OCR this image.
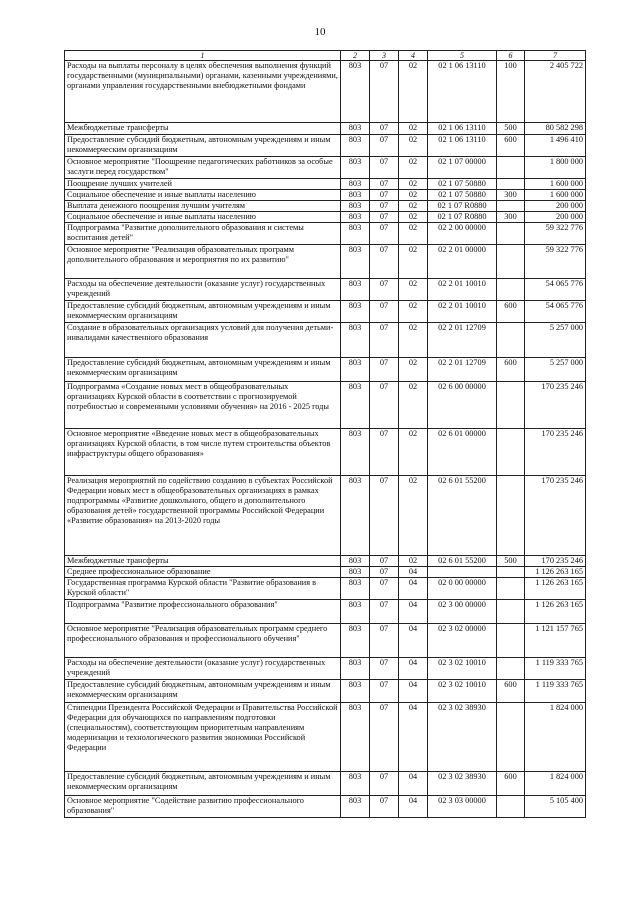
10
1	2	3	4	5	6	7
Расходы на выплаты персоналу в целях обеспечения выполнения функций государственными (муниципальными) органами, казенными учреждениями, органами управления государственными внебюджетными фондами	803	07	02	02 1 06 13110	100	2 405 722
Межбюджетные трансферты	803	07	02	02 1 06 13110	500	80 582 298
Предоставление субсидий бюджетным, автономным учреждениям и иным некоммерческим организациям	803	07	02	02 1 06 13110	600	1 496 410
Основное мероприятие "Поощрение педагогических работников за особые заслуги перед государством"	803	07	02	02 1 07 00000		1 800 000
Поощрение лучших учителей	803	07	02	02 1 07 50880		1 600 000
Социальное обеспечение и иные выплаты населению	803	07	02	02 1 07 50880	300	1 600 000
Выплата денежного поощрения лучшим учителям	803	07	02	02 1 07 R0880		200 000
Социальное обеспечение и иные выплаты населению	803	07	02	02 1 07 R0880	300	200 000
Подпрограмма "Развитие дополнительного образования и системы воспитания детей"	803	07	02	02 2 00 00000		59 322 776
Основное мероприятие "Реализация образовательных программ дополнительного образования и мероприятия по их развитию"	803	07	02	02 2 01 00000		59 322 776
Расходы на обеспечение деятельности (оказание услуг) государственных учреждений	803	07	02	02 2 01 10010		54 065 776
Предоставление субсидий бюджетным, автономным учреждениям и иным некоммерческим организациям	803	07	02	02 2 01 10010	600	54 065 776
Создание в образовательных организациях условий для получения детьми-инвалидами качественного образования	803	07	02	02 2 01 12709		5 257 000
Предоставление субсидий бюджетным, автономным учреждениям и иным некоммерческим организациям	803	07	02	02 2 01 12709	600	5 257 000
Подпрограмма «Создание новых мест в общеобразовательных организациях Курской области в соответствии с прогнозируемой потребностью и современными условиями обучения» на 2016 - 2025 годы	803	07	02	02 6 00 00000		170 235 246
Основное мероприятие «Введение новых мест в общеобразовательных организациях Курской области, в том числе путем строительства объектов инфраструктуры общего образования»	803	07	02	02 6 01 00000		170 235 246
Реализация мероприятий по содействию созданию в субъектах Российской Федерации новых мест в общеобразовательных организациях в рамках подпрограммы «Развитие дошкольного, общего и дополнительного образования детей» государственной программы Российской Федерации «Развитие образования» на 2013-2020 годы	803	07	02	02 6 01 55200		170 235 246
Межбюджетные трансферты	803	07	02	02 6 01 55200	500	170 235 246
Среднее профессиональное образование	803	07	04			1 126 263 165
Государственная программа Курской области "Развитие образования в Курской области"	803	07	04	02 0 00 00000		1 126 263 165
Подпрограмма "Развитие профессионального образования"	803	07	04	02 3 00 00000		1 126 263 165
Основное мероприятие "Реализация образовательных программ среднего профессионального образования и профессионального обучения"	803	07	04	02 3 02 00000		1 121 157 765
Расходы на обеспечение деятельности (оказание услуг) государственных учреждений	803	07	04	02 3 02 10010		1 119 333 765
Предоставление субсидий бюджетным, автономным учреждениям и иным некоммерческим организациям	803	07	04	02 3 02 10010	600	1 119 333 765
Стипендии Президента Российской Федерации и Правительства Российской Федерации для обучающихся по направлениям подготовки (специальностям), соответствующим приоритетным направлениям модернизации и технологического развития экономики Российской Федерации	803	07	04	02 3 02 38930		1 824 000
Предоставление субсидий бюджетным, автономным учреждениям и иным некоммерческим организациям	803	07	04	02 3 02 38930	600	1 824 000
Основное мероприятие "Содействие развитию профессионального образования"	803	07	04	02 3 03 00000		5 105 400
